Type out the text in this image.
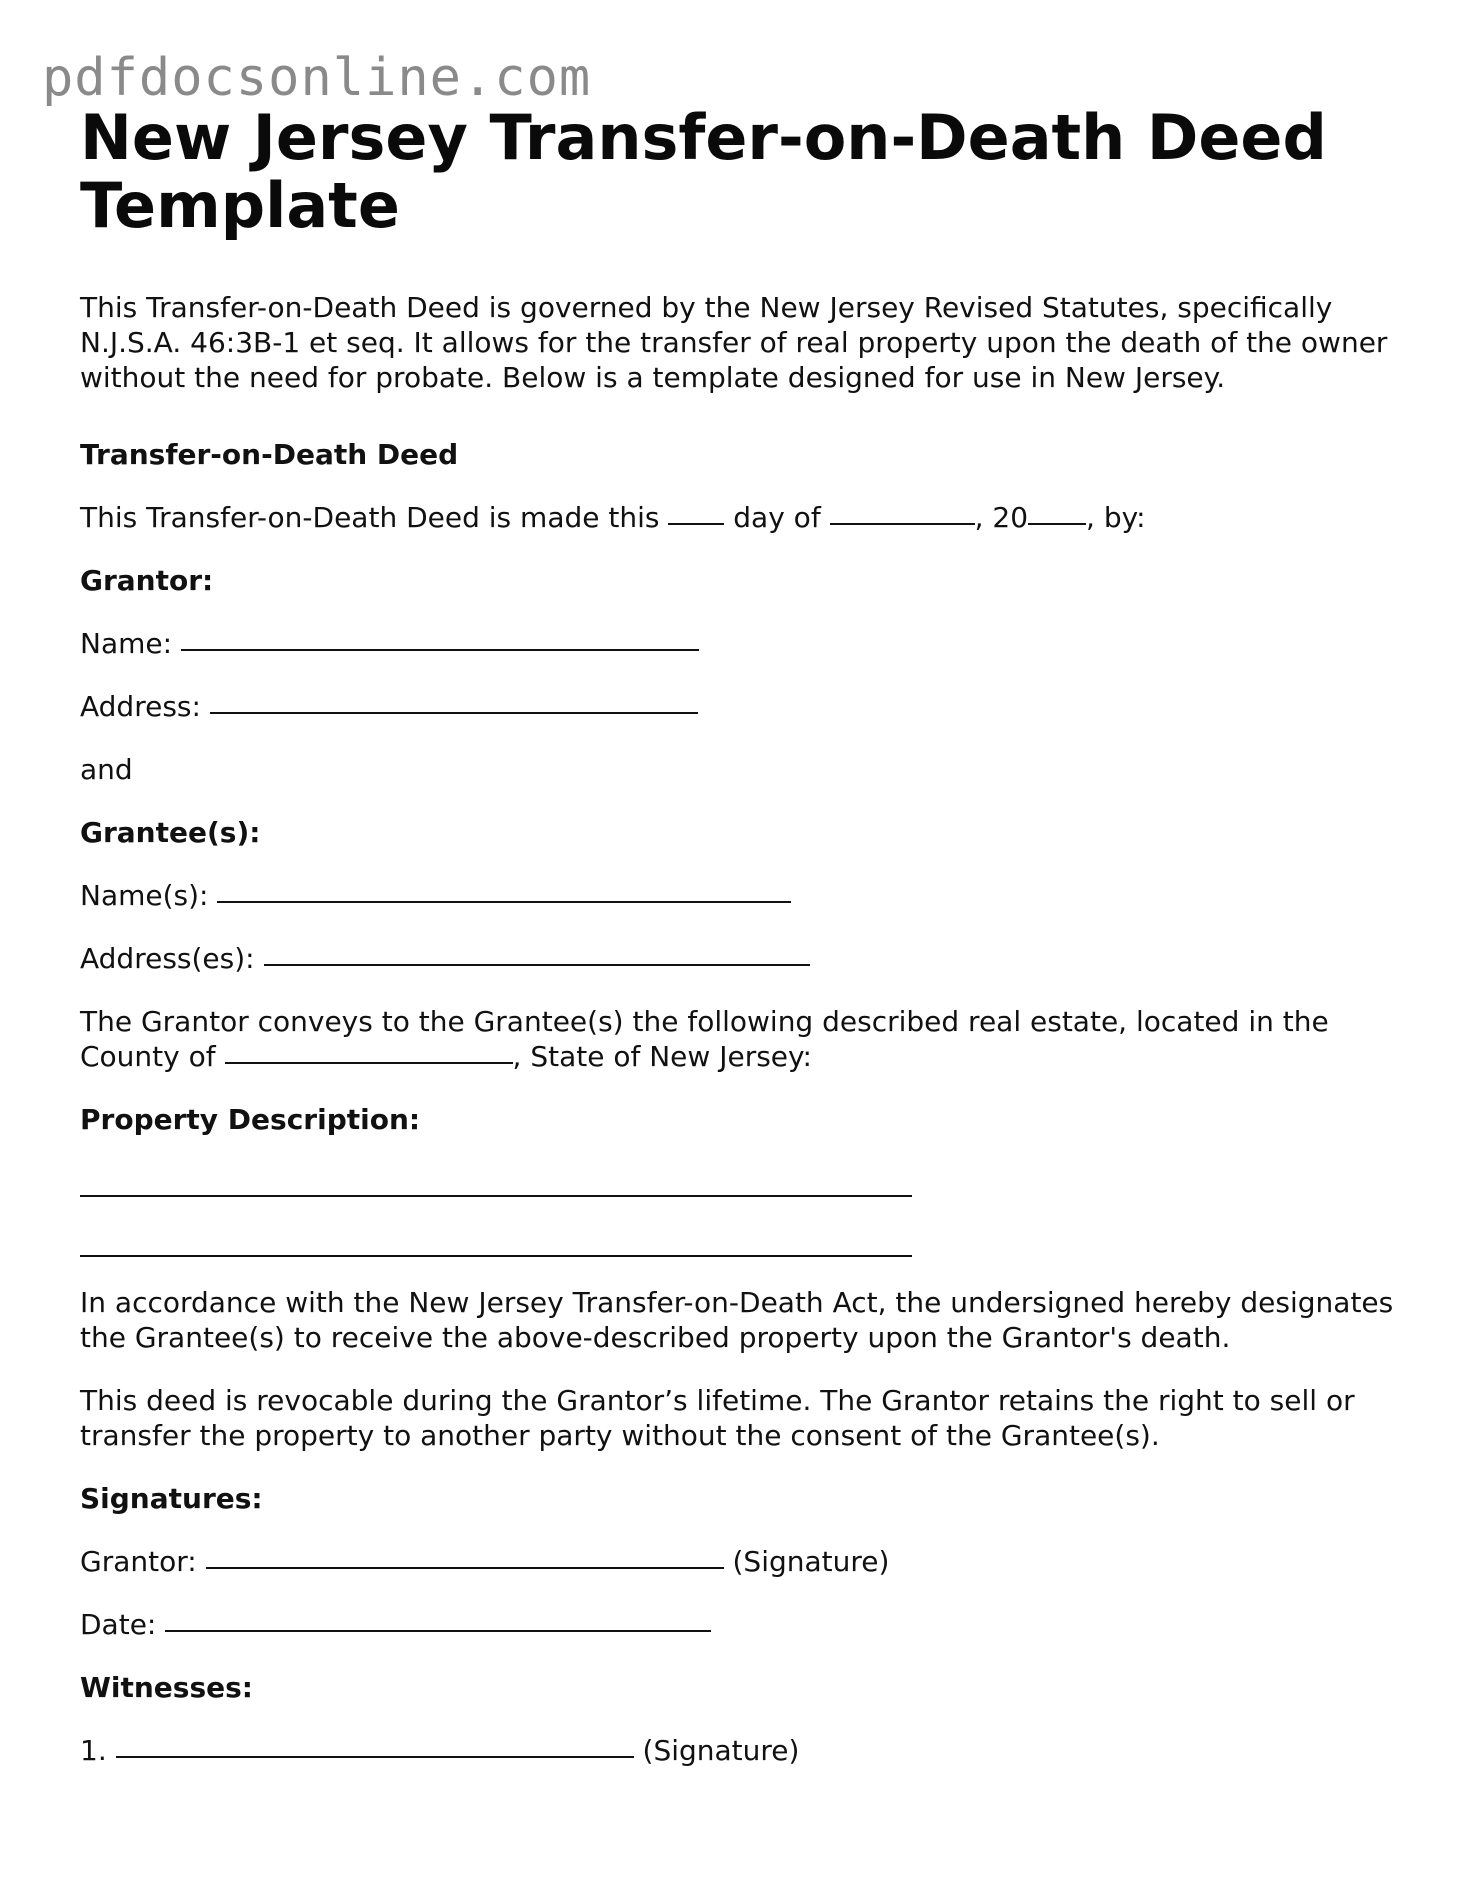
pdfdocsonline.com
New Jersey Transfer-on-Death Deed Template

This Transfer-on-Death Deed is governed by the New Jersey Revised Statutes, specifically N.J.S.A. 46:3B-1 et seq. It allows for the transfer of real property upon the death of the owner without the need for probate. Below is a template designed for use in New Jersey.

Transfer-on-Death Deed

This Transfer-on-Death Deed is made this	day of	, 20 , by:

Grantor:

Name:

Address:

and

Grantee(s):

Name(s):

Address(es):

The Grantor conveys to the Grantee(s) the following described real estate, located in the County of	, State of New Jersey:

Property Description:

In accordance with the New Jersey Transfer-on-Death Act, the undersigned hereby designates the Grantee(s) to receive the above-described property upon the Grantor's death.

This deed is revocable during the Grantor’s lifetime. The Grantor retains the right to sell or transfer the property to another party without the consent of the Grantee(s).

Signatures:

Grantor:	(Signature)

Date:

Witnesses:

1.	(Signature)
